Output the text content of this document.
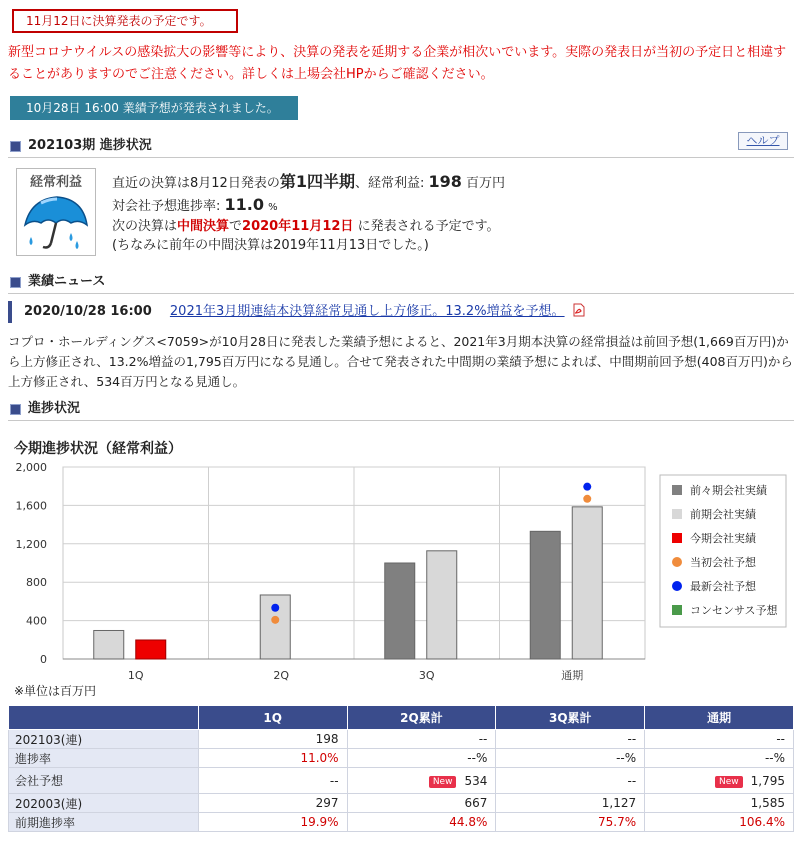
11月12日に決算発表の予定です。
新型コロナウイルスの感染拡大の影響等により、決算の発表を延期する企業が相次いでいます。実際の発表日が当初の予定日と相違することがありますのでご注意ください。詳しくは上場会社HPからご確認ください。
10月28日 16:00 業績予想が発表されました。
202103期 進捗状況	ヘルプ
経常利益	直近の決算は8月12日発表の第1四半期、経常利益: 198 百万円
対会社予想進捗率: 11.0 %
次の決算は中間決算で2020年11月12日 に発表される予定です。
(ちなみに前年の中間決算は2019年11月13日でした。)
業績ニュース
2020/10/28 16:00 2021年3月期連結本決算経常見通し上方修正。13.2%増益を予想。
コプロ・ホールディングス<7059>が10月28日に発表した業績予想によると、2021年3月期本決算の経常損益は前回予想(1,669百万円)から上方修正され、13.2%増益の1,795百万円になる見通し。合せて発表された中間期の業績予想によれば、中間期前回予想(408百万円)から上方修正され、534百万円となる見通し。
進捗状況
今期進捗状況（経常利益）
0
400
800
1,200
1,600
2,000
1Q	2Q	3Q	通期
前々期会社実績
前期会社実績
今期会社実績
当初会社予想
最新会社予想
コンセンサス予想
※単位は百万円
	1Q	2Q累計	3Q累計	通期
202103(連)	198	--	--	--
進捗率	11.0%	--%	--%	--%
会社予想	--	New 534	--	New 1,795
202003(連)	297	667	1,127	1,585
前期進捗率	19.9%	44.8%	75.7%	106.4%
